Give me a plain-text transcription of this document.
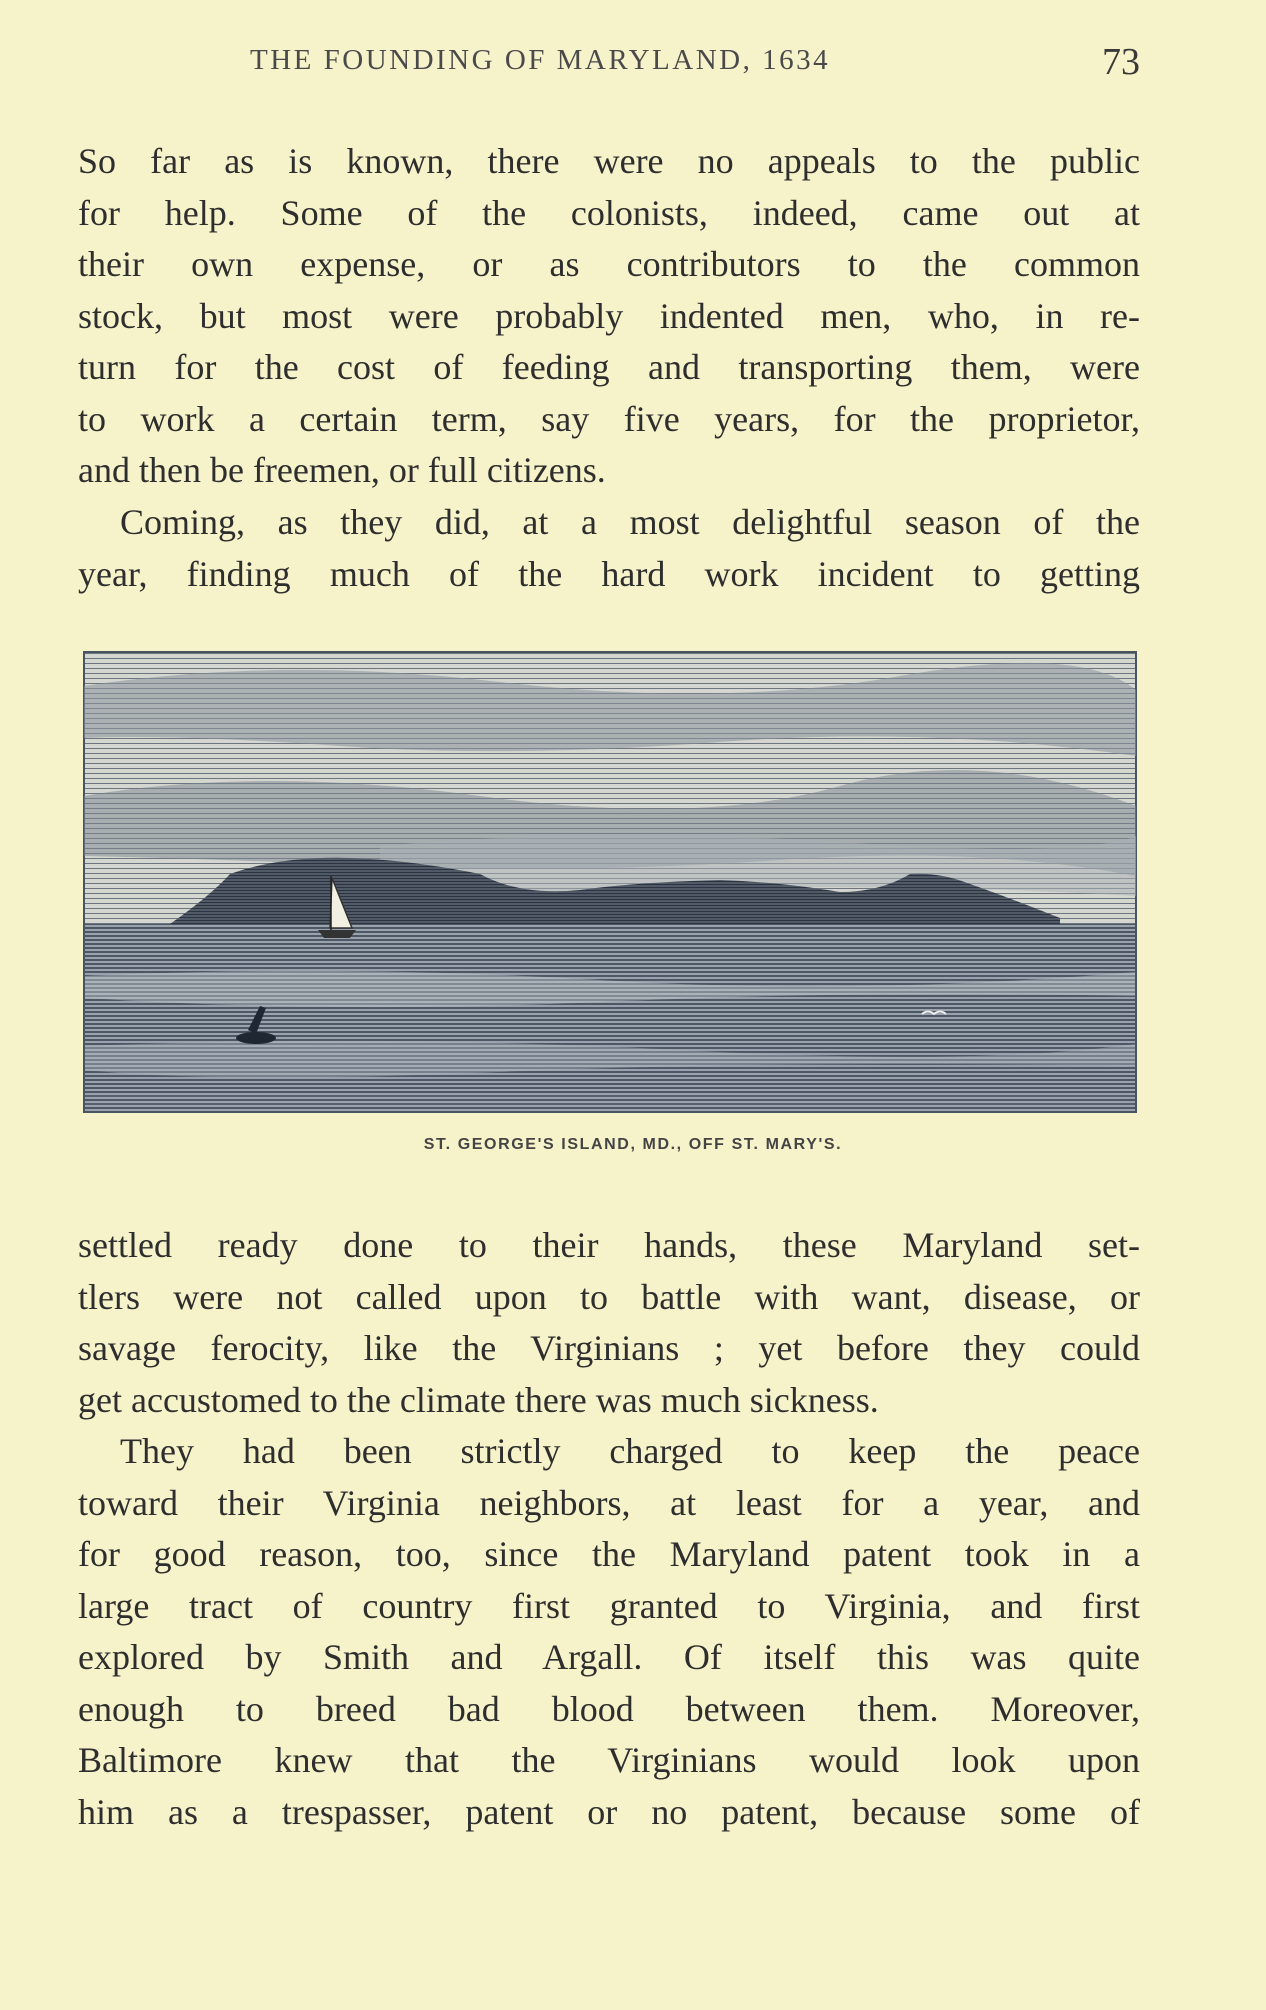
THE FOUNDING OF MARYLAND, 1634	73

So far as is known, there were no appeals to the public
for help. Some of the colonists, indeed, came out at
their own expense, or as contributors to the common
stock, but most were probably indented men, who, in re-
turn for the cost of feeding and transporting them, were
to work a certain term, say five years, for the proprietor,
and then be freemen, or full citizens.

Coming, as they did, at a most delightful season of the
year, finding much of the hard work incident to getting

ST. GEORGE'S ISLAND, MD., OFF ST. MARY'S.

settled ready done to their hands, these Maryland set-
tlers were not called upon to battle with want, disease, or
savage ferocity, like the Virginians ; yet before they could
get accustomed to the climate there was much sickness.

They had been strictly charged to keep the peace
toward their Virginia neighbors, at least for a year, and
for good reason, too, since the Maryland patent took in a
large tract of country first granted to Virginia, and first
explored by Smith and Argall. Of itself this was quite
enough to breed bad blood between them. Moreover,
Baltimore knew that the Virginians would look upon
him as a trespasser, patent or no patent, because some of
